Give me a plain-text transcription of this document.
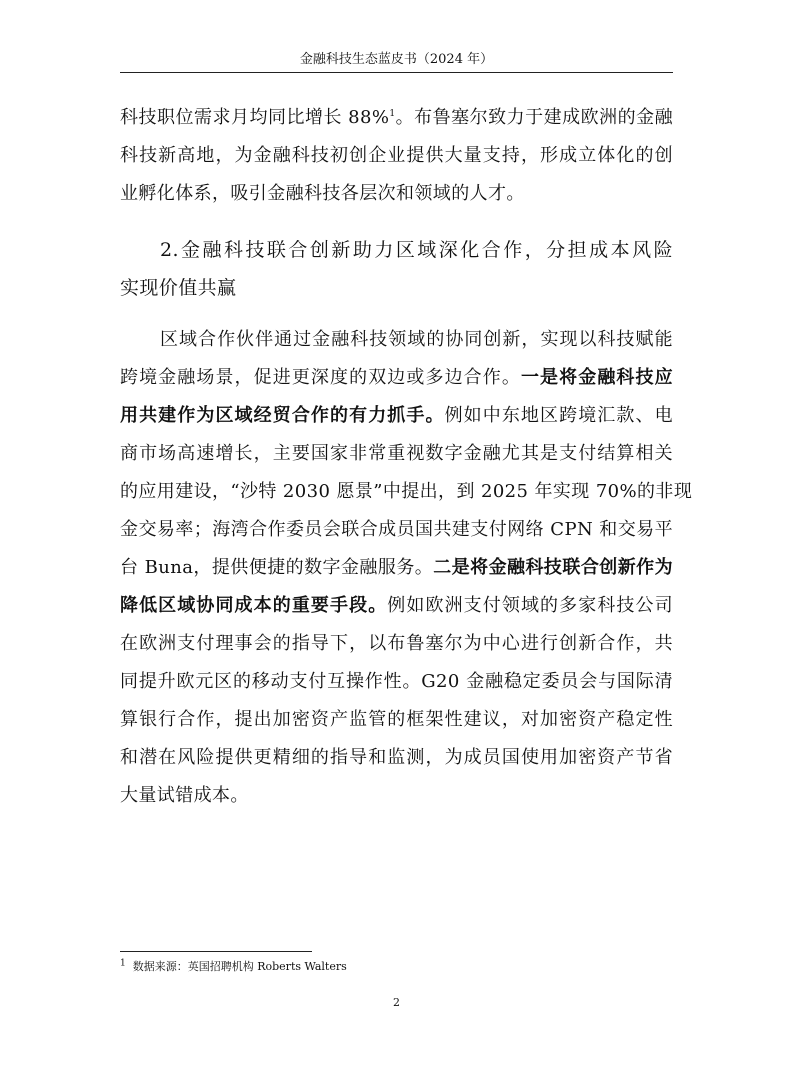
金融科技生态蓝皮书（2024 年）
科技职位需求月均同比增长 88%$^1$。布鲁塞尔致力于建成欧洲的金融
科技新高地，为金融科技初创企业提供大量支持，形成立体化的创
业孵化体系，吸引金融科技各层次和领域的人才。
2.金融科技联合创新助力区域深化合作，分担成本风险
实现价值共赢
区域合作伙伴通过金融科技领域的协同创新，实现以科技赋能
跨境金融场景，促进更深度的双边或多边合作。一是将金融科技应
用共建作为区域经贸合作的有力抓手。例如中东地区跨境汇款、电
商市场高速增长，主要国家非常重视数字金融尤其是支付结算相关
的应用建设，“沙特 2030 愿景”中提出，到 2025 年实现 70%的非现
金交易率；海湾合作委员会联合成员国共建支付网络 CPN 和交易平
台 Buna，提供便捷的数字金融服务。二是将金融科技联合创新作为
降低区域协同成本的重要手段。例如欧洲支付领域的多家科技公司
在欧洲支付理事会的指导下，以布鲁塞尔为中心进行创新合作，共
同提升欧元区的移动支付互操作性。G20 金融稳定委员会与国际清
算银行合作，提出加密资产监管的框架性建议，对加密资产稳定性
和潜在风险提供更精细的指导和监测，为成员国使用加密资产节省
大量试错成本。
$^1$ 数据来源：英国招聘机构 Roberts Walters
2
